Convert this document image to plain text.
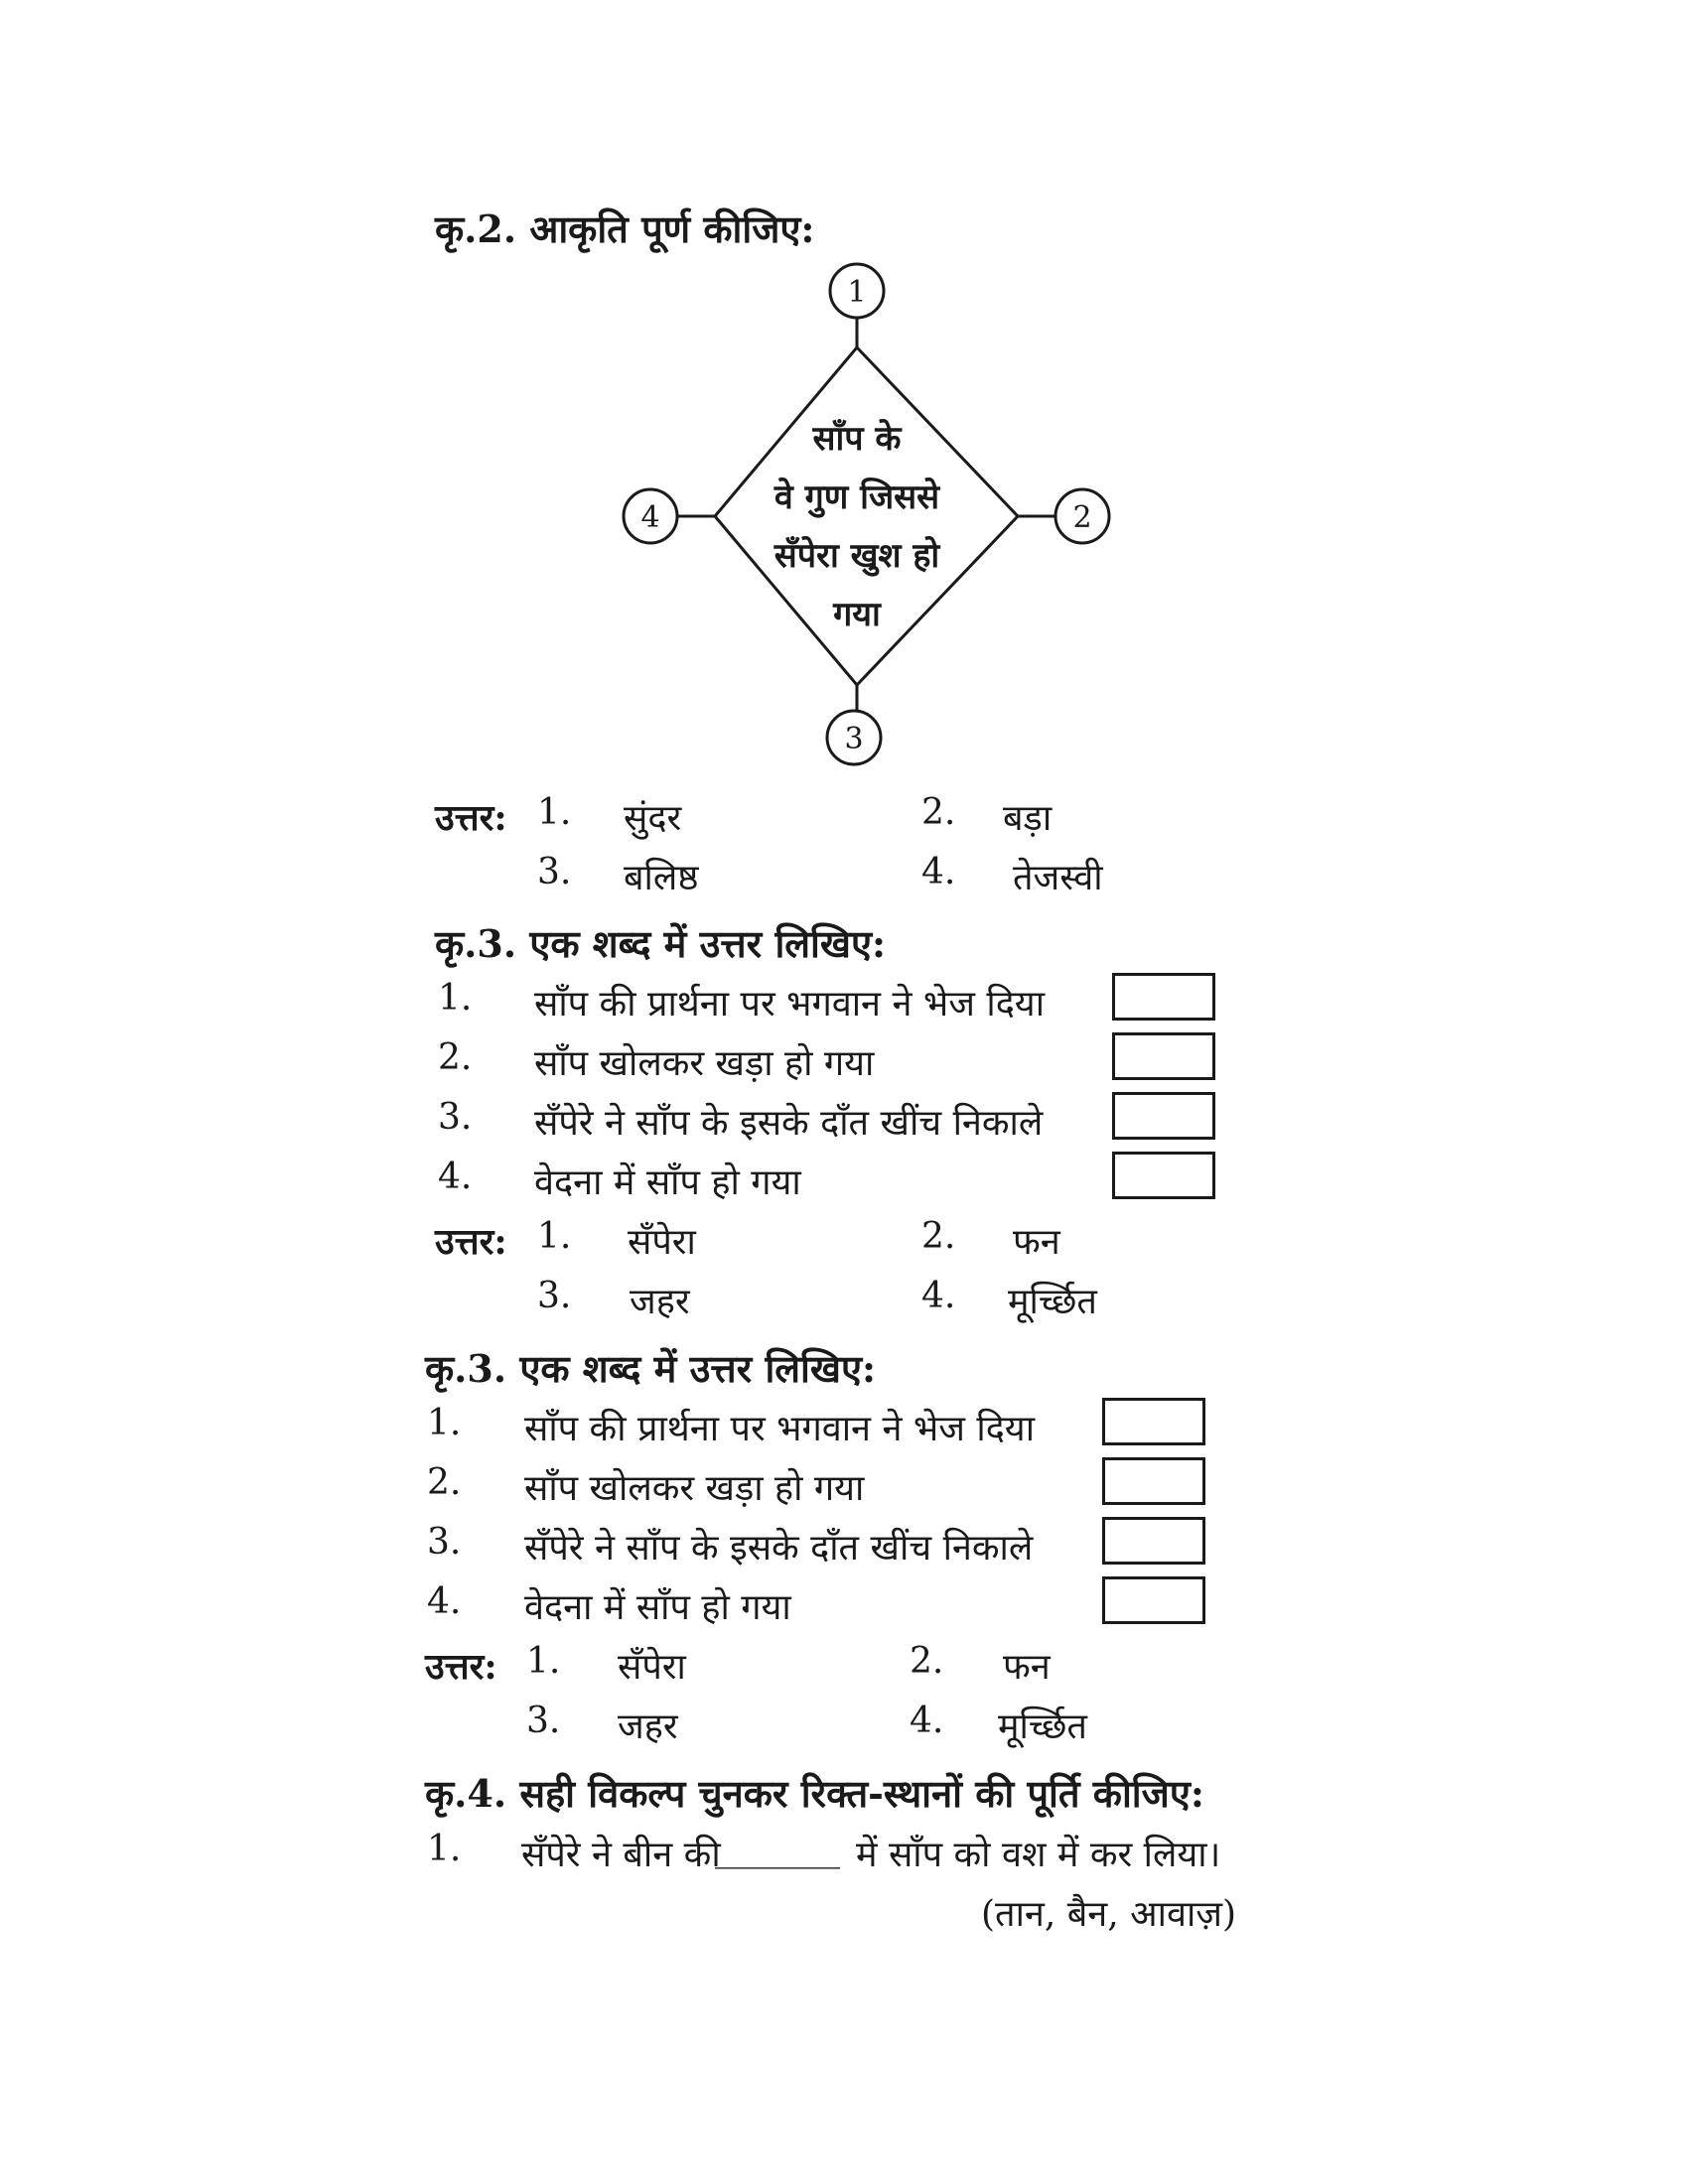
कृ.2. आकृति पूर्ण कीजिए:
1
2
3
4
साँप के
वे गुण जिससे
सँपेरा खुश हो
गया
उत्तर: 1. सुंदर	2. बड़ा
3. बलिष्ठ	4. तेजस्वी
कृ.3. एक शब्द में उत्तर लिखिए:
1. साँप की प्रार्थना पर भगवान ने भेज दिया
2. साँप खोलकर खड़ा हो गया
3. सँपेरे ने साँप के इसके दाँत खींच निकाले
4. वेदना में साँप हो गया
उत्तर: 1. सँपेरा	2. फन
3. जहर	4. मूर्च्छित
कृ.3. एक शब्द में उत्तर लिखिए:
1. साँप की प्रार्थना पर भगवान ने भेज दिया
2. साँप खोलकर खड़ा हो गया
3. सँपेरे ने साँप के इसके दाँत खींच निकाले
4. वेदना में साँप हो गया
उत्तर: 1. सँपेरा	2. फन
3. जहर	4. मूर्च्छित
कृ.4. सही विकल्प चुनकर रिक्त-स्थानों की पूर्ति कीजिए:
1. सँपेरे ने बीन की
_______ में साँप को वश में कर लिया।
(तान, बैन, आवाज़)
